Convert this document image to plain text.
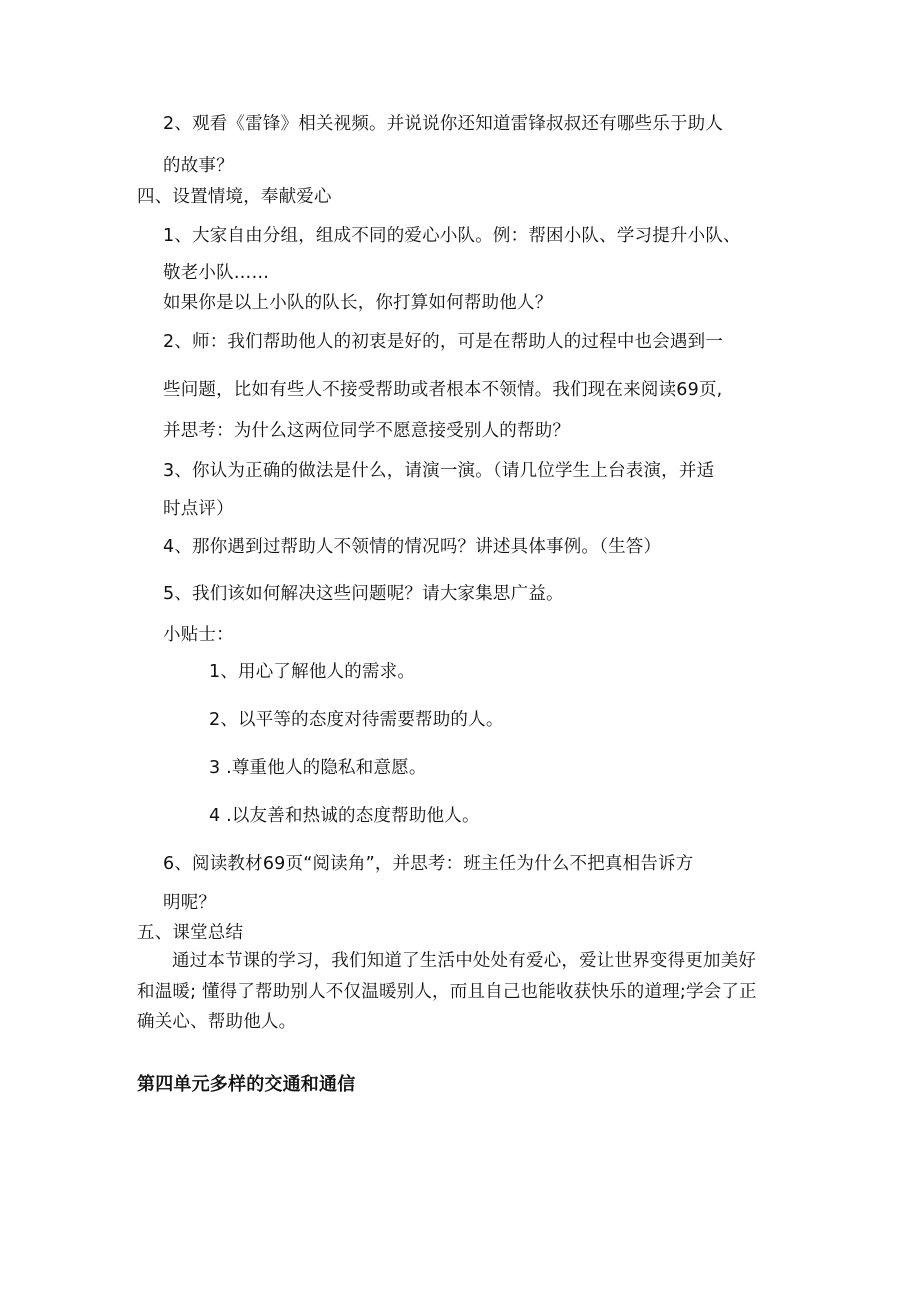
2、观看《雷锋》相关视频。并说说你还知道雷锋叔叔还有哪些乐于助人
的故事？
四、设置情境，奉献爱心
1、大家自由分组，组成不同的爱心小队。例：帮困小队、学习提升小队、
敬老小队……
如果你是以上小队的队长，你打算如何帮助他人？
2、师：我们帮助他人的初衷是好的，可是在帮助人的过程中也会遇到一
些问题，比如有些人不接受帮助或者根本不领情。我们现在来阅读69页,
并思考：为什么这两位同学不愿意接受别人的帮助？
3、你认为正确的做法是什么，请演一演。（请几位学生上台表演，并适
时点评）
4、那你遇到过帮助人不领情的情况吗？讲述具体事例。（生答）
5、我们该如何解决这些问题呢？请大家集思广益。
小贴士：
1、用心了解他人的需求。
2、以平等的态度对待需要帮助的人。
3 .尊重他人的隐私和意愿。
4 .以友善和热诚的态度帮助他人。
6、阅读教材69页“阅读角”，并思考：班主任为什么不把真相告诉方
明呢？
五、课堂总结
通过本节课的学习，我们知道了生活中处处有爱心，爱让世界变得更加美好
和温暖; 懂得了帮助别人不仅温暖别人，而且自己也能收获快乐的道理;学会了正
确关心、帮助他人。
第四单元多样的交通和通信
